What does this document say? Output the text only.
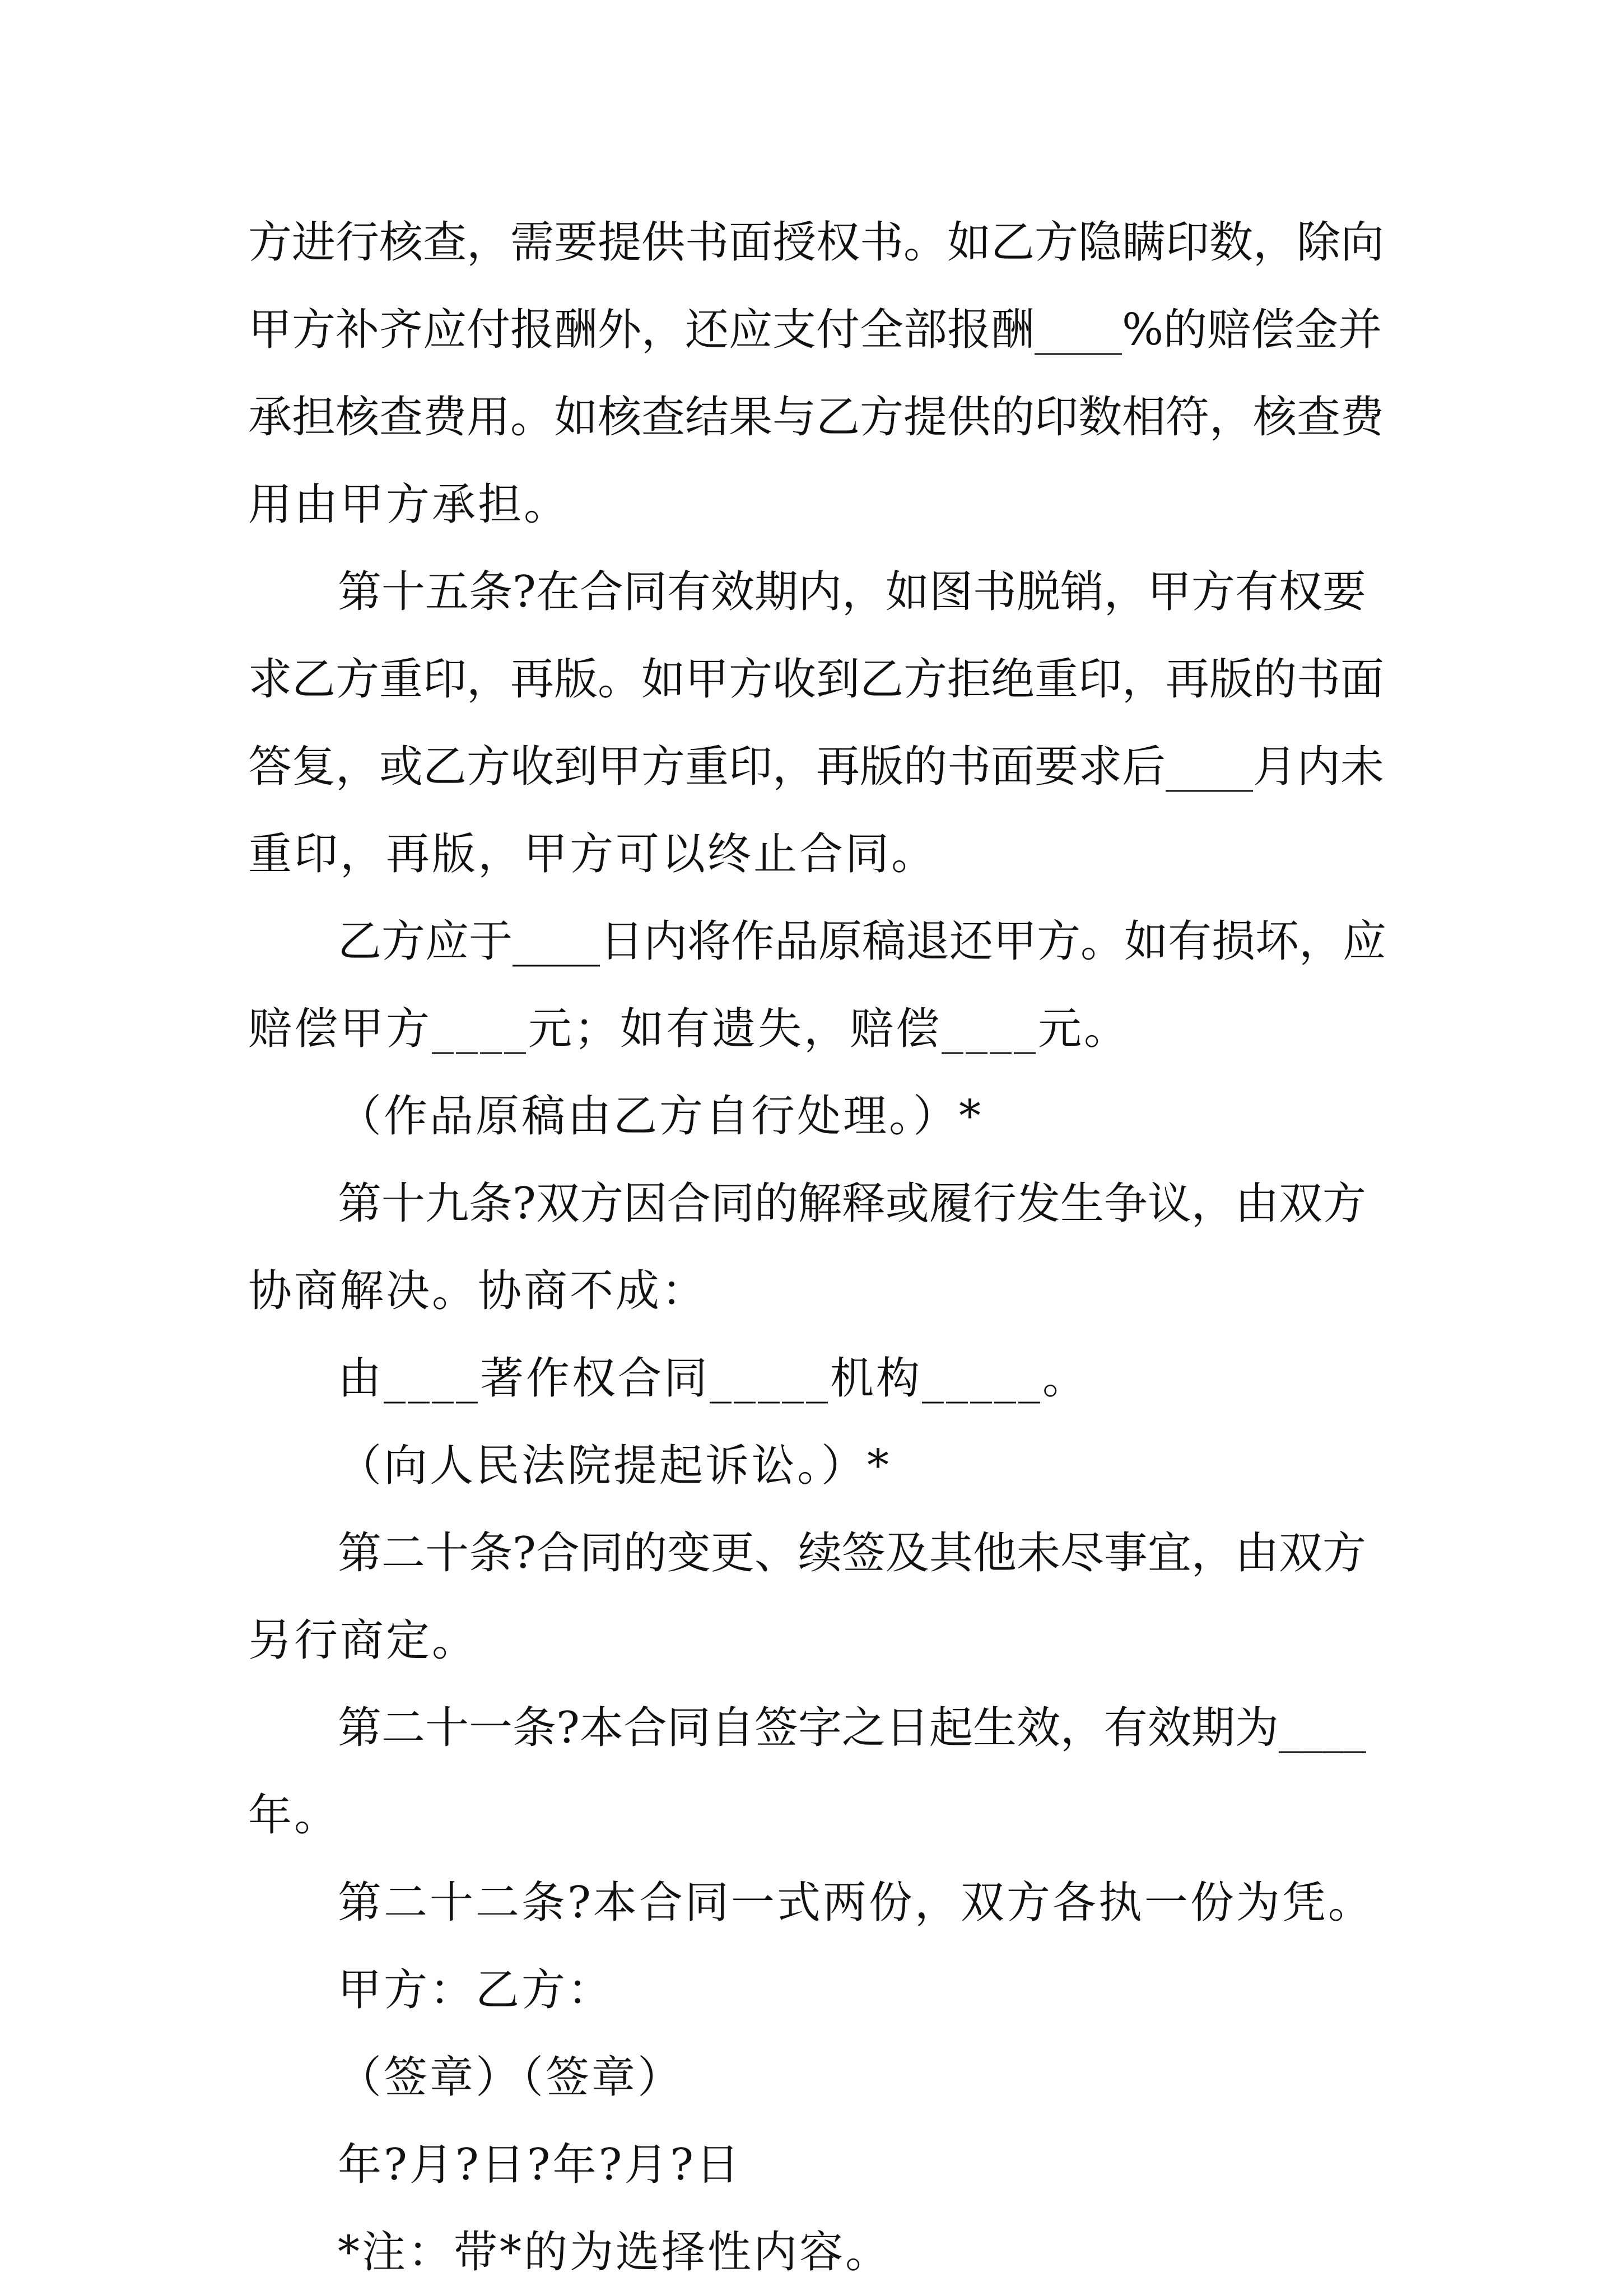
方进行核查，需要提供书面授权书。如乙方隐瞒印数，除向
甲方补齐应付报酬外，还应支付全部报酬____%的赔偿金并
承担核查费用。如核查结果与乙方提供的印数相符，核查费
用由甲方承担。
第十五条?在合同有效期内，如图书脱销，甲方有权要
求乙方重印，再版。如甲方收到乙方拒绝重印，再版的书面
答复，或乙方收到甲方重印，再版的书面要求后____月内未
重印，再版，甲方可以终止合同。
乙方应于____日内将作品原稿退还甲方。如有损坏，应
赔偿甲方____元；如有遗失，赔偿____元。
（作品原稿由乙方自行处理。）*
第十九条?双方因合同的解释或履行发生争议，由双方
协商解决。协商不成：
由____著作权合同_____机构_____。
（向人民法院提起诉讼。）*
第二十条?合同的变更、续签及其他未尽事宜，由双方
另行商定。
第二十一条?本合同自签字之日起生效，有效期为____
年。
第二十二条?本合同一式两份，双方各执一份为凭。
甲方：乙方：
（签章）（签章）
年?月?日?年?月?日
*注：带*的为选择性内容。
